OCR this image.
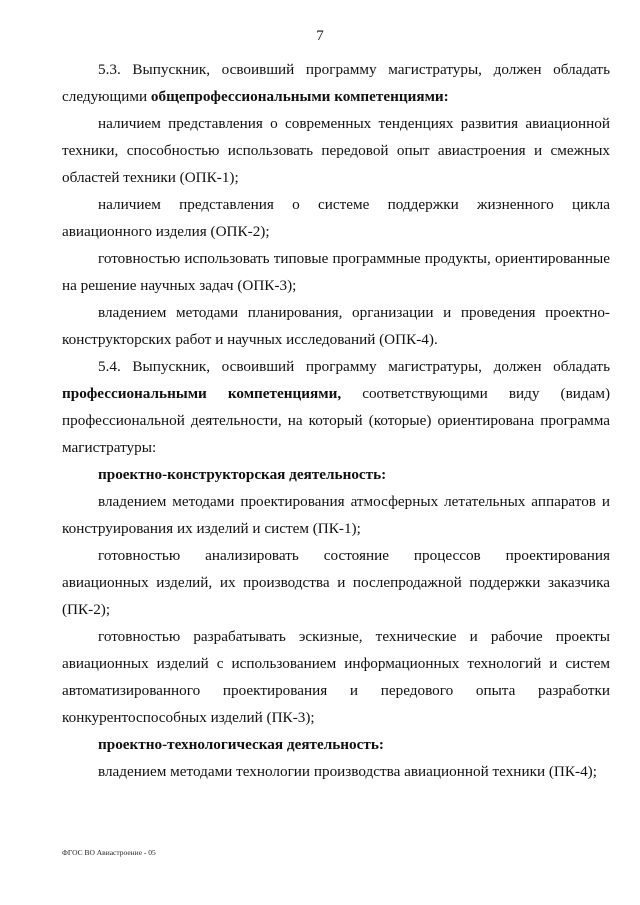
7

5.3. Выпускник, освоивший программу магистратуры, должен обладать следующими общепрофессиональными компетенциями:

наличием представления о современных тенденциях развития авиационной техники, способностью использовать передовой опыт авиастроения и смежных областей техники (ОПК-1);

наличием представления о системе поддержки жизненного цикла авиационного изделия (ОПК-2);

готовностью использовать типовые программные продукты, ориентированные на решение научных задач (ОПК-3);

владением методами планирования, организации и проведения проектно-конструкторских работ и научных исследований (ОПК-4).

5.4. Выпускник, освоивший программу магистратуры, должен обладать профессиональными компетенциями, соответствующими виду (видам) профессиональной деятельности, на который (которые) ориентирована программа магистратуры:

проектно-конструкторская деятельность:

владением методами проектирования атмосферных летательных аппаратов и конструирования их изделий и систем (ПК-1);

готовностью анализировать состояние процессов проектирования авиационных изделий, их производства и послепродажной поддержки заказчика (ПК-2);

готовностью разрабатывать эскизные, технические и рабочие проекты авиационных изделий с использованием информационных технологий и систем автоматизированного проектирования и передового опыта разработки конкурентоспособных изделий (ПК-3);

проектно-технологическая деятельность:

владением методами технологии производства авиационной техники (ПК-4);

ФГОС ВО Авиастроение - 05
